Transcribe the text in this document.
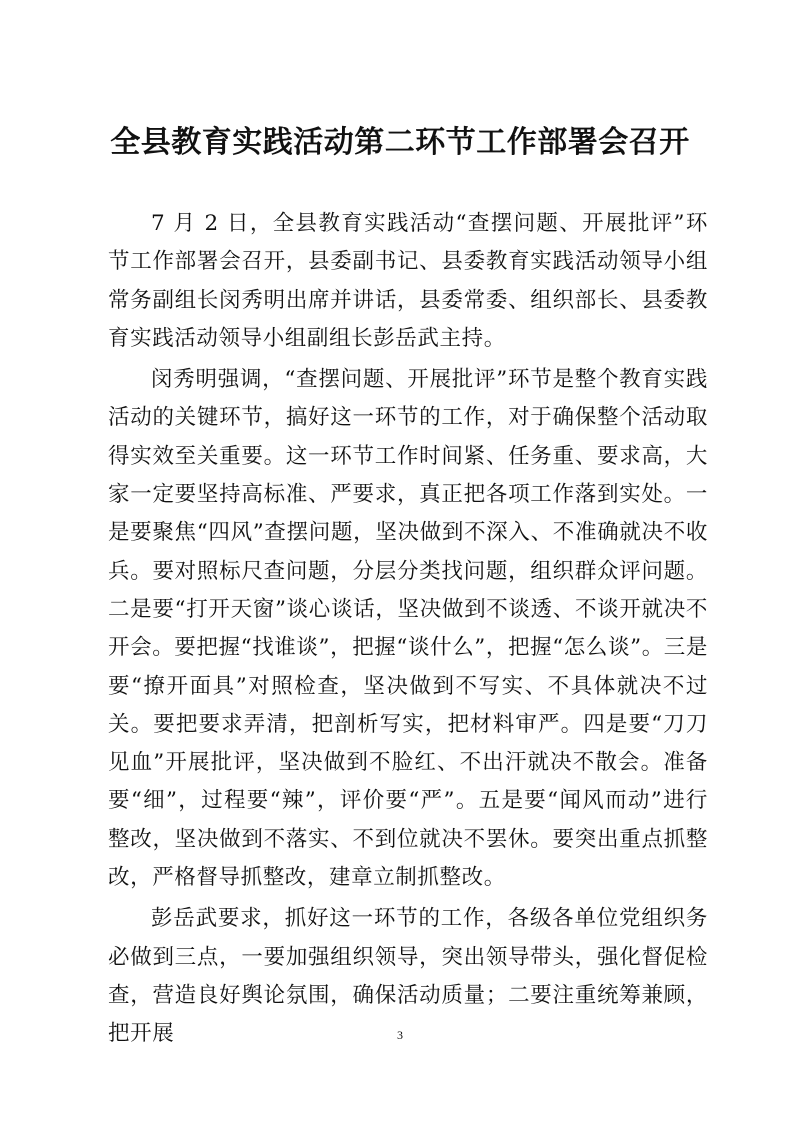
全县教育实践活动第二环节工作部署会召开

7 月 2 日，全县教育实践活动“查摆问题、开展批评”环节工作部署会召开，县委副书记、县委教育实践活动领导小组常务副组长闵秀明出席并讲话，县委常委、组织部长、县委教育实践活动领导小组副组长彭岳武主持。

闵秀明强调，“查摆问题、开展批评”环节是整个教育实践活动的关键环节，搞好这一环节的工作，对于确保整个活动取得实效至关重要。这一环节工作时间紧、任务重、要求高，大家一定要坚持高标准、严要求，真正把各项工作落到实处。一是要聚焦“四风”查摆问题，坚决做到不深入、不准确就决不收兵。要对照标尺查问题，分层分类找问题，组织群众评问题。二是要“打开天窗”谈心谈话，坚决做到不谈透、不谈开就决不开会。要把握“找谁谈”，把握“谈什么”，把握“怎么谈”。三是要“撩开面具”对照检查，坚决做到不写实、不具体就决不过关。要把要求弄清，把剖析写实，把材料审严。四是要“刀刀见血”开展批评，坚决做到不脸红、不出汗就决不散会。准备要“细”，过程要“辣”，评价要“严”。五是要“闻风而动”进行整改，坚决做到不落实、不到位就决不罢休。要突出重点抓整改，严格督导抓整改，建章立制抓整改。

彭岳武要求，抓好这一环节的工作，各级各单位党组织务必做到三点，一要加强组织领导，突出领导带头，强化督促检查，营造良好舆论氛围，确保活动质量；二要注重统筹兼顾，把开展	3
